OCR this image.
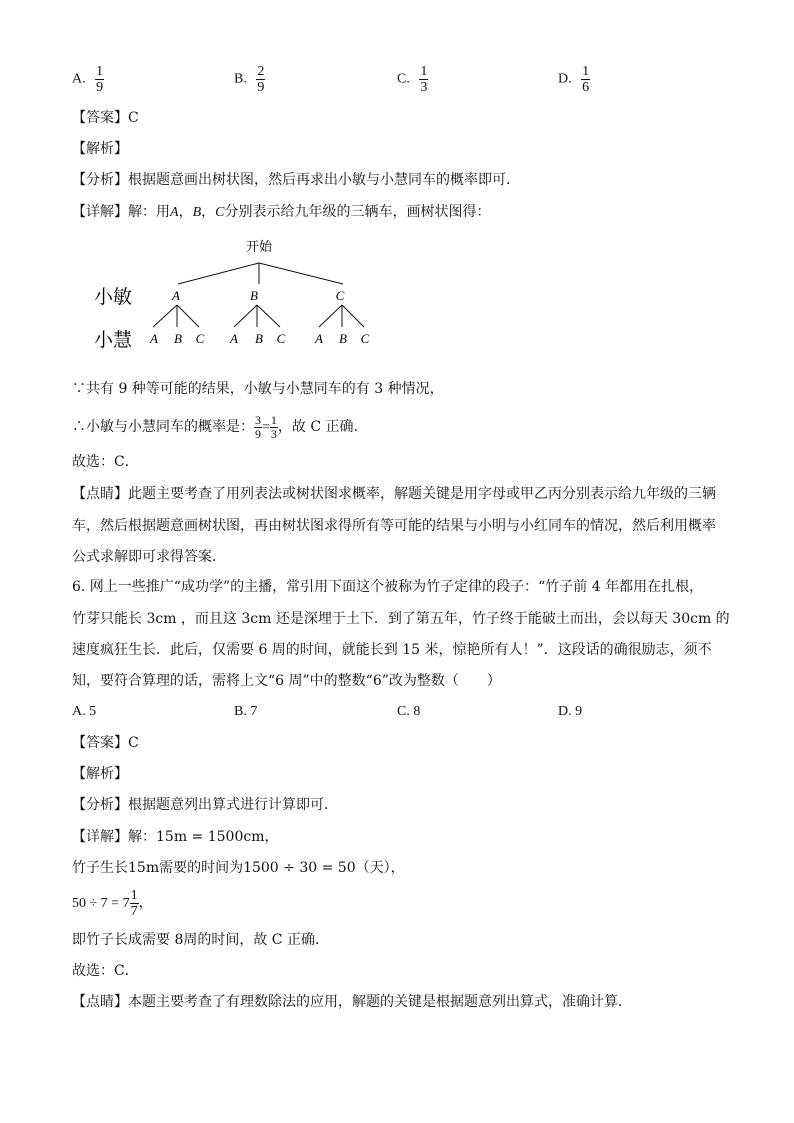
A. $\frac{1}{9}$	B. $\frac{2}{9}$	C. $\frac{1}{3}$	D. $\frac{1}{6}$
【答案】C
【解析】
【分析】根据题意画出树状图，然后再求出小敏与小慧同车的概率即可．
【详解】解：用A，B，C分别表示给九年级的三辆车，画树状图得：
开始
小敏
小慧
A	B	C
A B C A B C A B C
∵共有 9 种等可能的结果，小敏与小慧同车的有 3 种情况，
∴小敏与小慧同车的概率是： $\frac{3}{9} = \frac{1}{3}$ ，故 C 正确．
故选：C．
【点睛】此题主要考查了用列表法或树状图求概率，解题关键是用字母或甲乙丙分别表示给九年级的三辆
车，然后根据题意画树状图，再由树状图求得所有等可能的结果与小明与小红同车的情况，然后利用概率
公式求解即可求得答案．
6. 网上一些推广“成功学”的主播，常引用下面这个被称为竹子定律的段子：“竹子前 4 年都用在扎根，
竹芽只能长 3cm ，而且这 3cm 还是深埋于土下．到了第五年，竹子终于能破土而出，会以每天 30cm 的
速度疯狂生长．此后，仅需要 6 周的时间，就能长到 15 米，惊艳所有人！”．这段话的确很励志，须不
知，要符合算理的话，需将上文“6 周”中的整数“6”改为整数（　　）
A. 5	B. 7	C. 8	D. 9
【答案】C
【解析】
【分析】根据题意列出算式进行计算即可．
【详解】解：15m = 1500cm，
竹子生长15m需要的时间为1500 ÷ 30 = 50（天），
$50 \div 7 = 7 \frac{1}{7}$ ，
即竹子长成需要 8周的时间，故 C 正确．
故选：C．
【点睛】本题主要考查了有理数除法的应用，解题的关键是根据题意列出算式，准确计算．
